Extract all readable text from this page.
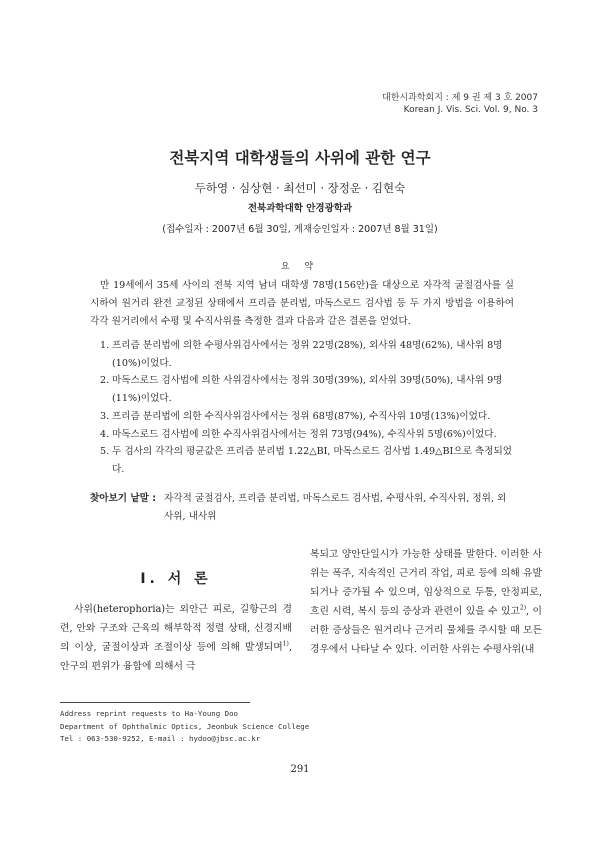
대한시과학회지 : 제 9 권 제 3 호 2007
Korean J. Vis. Sci. Vol. 9, No. 3
전북지역 대학생들의 사위에 관한 연구
두하영 · 심상현 · 최선미 · 장정운 · 김현숙
전북과학대학 안경광학과
(접수일자 : 2007년 6월 30일, 게재승인일자 : 2007년 8월 31일)
요 약

만 19세에서 35세 사이의 전북 지역 남녀 대학생 78명(156안)을 대상으로 자각적 굴절검사를 실시하여 원거리 완전 교정된 상태에서 프리즘 분리법, 마독스로드 검사법 등 두 가지 방법을 이용하여 각각 원거리에서 수평 및 수직사위를 측정한 결과 다음과 같은 결론을 얻었다.

1. 프리즘 분리법에 의한 수평사위검사에서는 정위 22명(28%), 외사위 48명(62%), 내사위 8명(10%)이었다.
2. 마독스로드 검사법에 의한 사위검사에서는 정위 30명(39%), 외사위 39명(50%), 내사위 9명(11%)이었다.
3. 프리즘 분리법에 의한 수직사위검사에서는 정위 68명(87%), 수직사위 10명(13%)이었다.
4. 마독스로드 검사법에 의한 수직사위검사에서는 정위 73명(94%), 수직사위 5명(6%)이었다.
5. 두 검사의 각각의 평균값은 프리즘 분리법 1.22△BI, 마독스로드 검사법 1.49△BI으로 측정되었다.
찾아보기 낱말 : 자각적 굴절검사, 프리즘 분리법, 마독스로드 검사법, 수평사위, 수직사위, 정위, 외사위, 내사위
Ⅰ. 서 론

사위(heterophoria)는 외안근 피로, 길항근의 경련, 안와 구조와 근육의 해부학적 정렬 상태, 신경지배의 이상, 굴절이상과 조절이상 등에 의해 발생되며$^{1)}$, 안구의 편위가 융합에 의해서 극

복되고 양안단일시가 가능한 상태를 말한다. 이러한 사위는 폭주, 지속적인 근거리 작업, 피로 등에 의해 유발되거나 증가될 수 있으며, 임상적으로 두통, 안정피로, 흐린 시력, 복시 등의 증상과 관련이 있을 수 있고$^{2)}$, 이러한 증상들은 원거리나 근거리 물체를 주시할 때 모든 경우에서 나타날 수 있다. 이러한 사위는 수평사위(내

Address reprint requests to Ha-Young Doo
Department of Ophthalmic Optics, Jeonbuk Science College
Tel : 063-530-9252, E-mail : hydoo@jbsc.ac.kr
291
